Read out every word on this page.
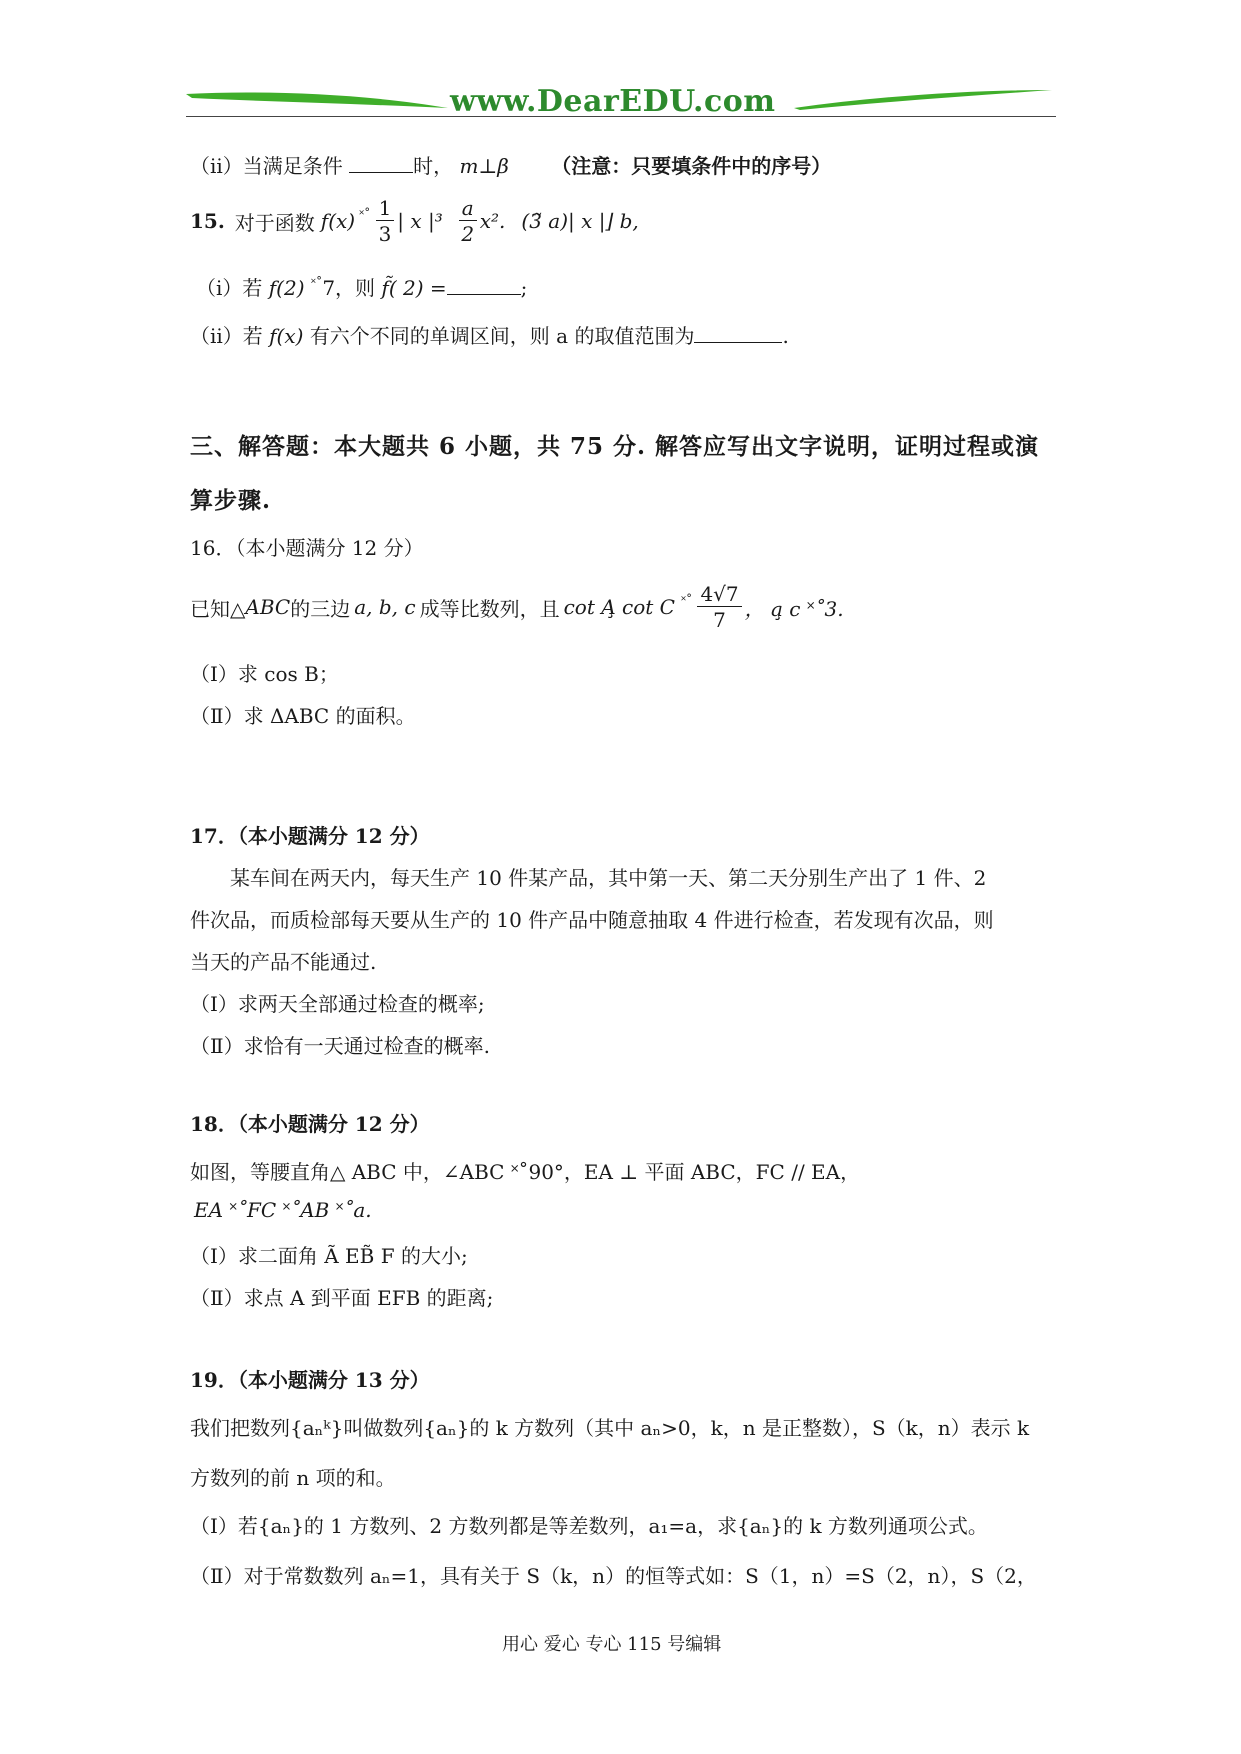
www.DearEDU.com
（ii）当满足条件	时， m⊥β （注意：只要填条件中的序号）
15. 对于函数 f(x) ˟˚ $\frac{1}{3}$ | x $|^3 \frac{a}{2} x^2$. (3̃ a)| x |⌋ b,
（i）若 f(2) ˟˚7，则 f̃( 2) =	;
（ii）若 f(x) 有六个不同的单调区间，则 a 的取值范围为	.
三、解答题：本大题共 6 小题，共 75 分. 解答应写出文字说明，证明过程或演
算步骤.
16．（本小题满分 12 分）
已知△ ABC 的三边 a, b, c 成等比数列，且 cot A̧ cot C ˟˚ $\frac{4√7}{7}$ ， a̧ c ˟˚3.
（Ⅰ）求 cos B；
（Ⅱ）求 ΔABC 的面积。
17．（本小题满分 12 分）
某车间在两天内，每天生产 10 件某产品，其中第一天、第二天分别生产出了 1 件、2
件次品，而质检部每天要从生产的 10 件产品中随意抽取 4 件进行检查，若发现有次品，则
当天的产品不能通过.
（Ⅰ）求两天全部通过检查的概率;
（Ⅱ）求恰有一天通过检查的概率.
18．（本小题满分 12 分）
如图，等腰直角△ ABC 中，∠ABC ˟˚90°，EA ⊥ 平面 ABC，FC // EA，
EA ˟˚FC ˟˚AB ˟˚a.
（Ⅰ）求二面角 Ã EB̃ F 的大小;
（Ⅱ）求点 A 到平面 EFB 的距离;
19．（本小题满分 13 分）
我们把数列{aₙᵏ}叫做数列{aₙ}的 k 方数列（其中 aₙ>0，k，n 是正整数），S（k，n）表示 k
方数列的前 n 项的和。
（Ⅰ）若{aₙ}的 1 方数列、2 方数列都是等差数列，a₁=a，求{aₙ}的 k 方数列通项公式。
（Ⅱ）对于常数数列 aₙ=1，具有关于 S（k，n）的恒等式如：S（1，n）=S（2，n），S（2，
用心 爱心 专心 115 号编辑
